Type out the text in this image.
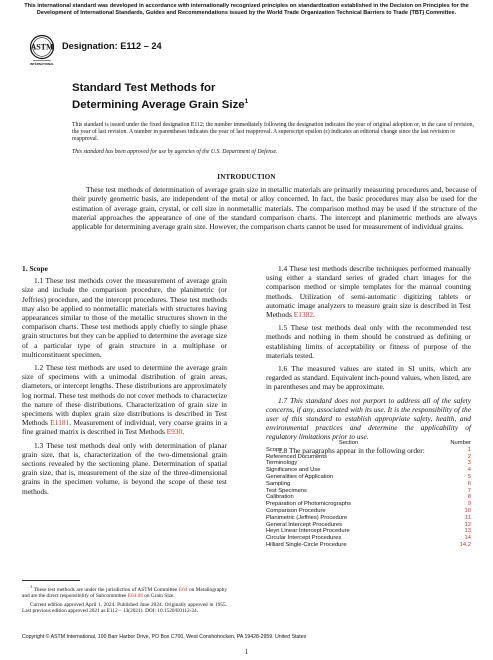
This international standard was developed in accordance with internationally recognized principles on standardization established in the Decision on Principles for the Development of International Standards, Guides and Recommendations issued by the World Trade Organization Technical Barriers to Trade (TBT) Committee.
ASTM
INTERNATIONAL
Designation: E112 – 24
Standard Test Methods for
Determining Average Grain Size$^1$
This standard is issued under the fixed designation E112; the number immediately following the designation indicates the year of original adoption or, in the case of revision, the year of last revision. A number in parentheses indicates the year of last reapproval. A superscript epsilon (ε) indicates an editorial change since the last revision or reapproval.
This standard has been approved for use by agencies of the U.S. Department of Defense.
INTRODUCTION
These test methods of determination of average grain size in metallic materials are primarily measuring procedures and, because of their purely geometric basis, are independent of the metal or alloy concerned. In fact, the basic procedures may also be used for the estimation of average grain, crystal, or cell size in nonmetallic materials. The comparison method may be used if the structure of the material approaches the appearance of one of the standard comparison charts. The intercept and planimetric methods are always applicable for determining average grain size. However, the comparison charts cannot be used for measurement of individual grains.

1. Scope

1.1 These test methods cover the measurement of average grain size and include the comparison procedure, the planimetric (or Jeffries) procedure, and the intercept procedures. These test methods may also be applied to nonmetallic materials with structures having appearances similar to those of the metallic structures shown in the comparison charts. These test methods apply chiefly to single phase grain structures but they can be applied to determine the average size of a particular type of grain structure in a multiphase or multiconstituent specimen.

1.2 These test methods are used to determine the average grain size of specimens with a unimodal distribution of grain areas, diameters, or intercept lengths. These distributions are approximately log normal. These test methods do not cover methods to characterize the nature of these distributions. Characterization of grain size in specimens with duplex grain size distributions is described in Test Methods E1181. Measurement of individual, very coarse grains in a fine grained matrix is described in Test Methods E930.

1.3 These test methods deal only with determination of planar grain size, that is, characterization of the two-dimensional grain sections revealed by the sectioning plane. Determination of spatial grain size, that is, measurement of the size of the three-dimensional grains in the specimen volume, is beyond the scope of these test methods.

$^1$ These test methods are under the jurisdiction of ASTM Committee E04 on Metallography and are the direct responsibility of Subcommittee E04.08 on Grain Size.

Current edition approved April 1, 2024. Published June 2024. Originally approved in 1955. Last previous edition approved 2021 as E112 – 13(2021). DOI: 10.1520/E0112-24.

1.4 These test methods describe techniques performed manually using either a standard series of graded chart images for the comparison method or simple templates for the manual counting methods. Utilization of semi-automatic digitizing tablets or automatic image analyzers to measure grain size is described in Test Methods E1382.

1.5 These test methods deal only with the recommended test methods and nothing in them should be construed as defining or establishing limits of acceptability or fitness of purpose of the materials tested.

1.6 The measured values are stated in SI units, which are regarded as standard. Equivalent inch-pound values, when listed, are in parentheses and may be approximate.

1.7 This standard does not purport to address all of the safety concerns, if any, associated with its use. It is the responsibility of the user of this standard to establish appropriate safety, health, and environmental practices and determine the applicability of regulatory limitations prior to use.

1.8 The paragraphs appear in the following order:

Section	Number
Scope	1
Referenced Documents	2
Terminology	3
Significance and Use	4
Generalities of Application	5
Sampling	6
Test Specimens	7
Calibration	8
Preparation of Photomicrographs	9
Comparison Procedure	10
Planimetric (Jeffries) Procedure	11
General Intercept Procedures	12
Heyn Linear Intercept Procedure	13
Circular Intercept Procedures	14
Hilliard Single-Circle Procedure	14.2
Copyright © ASTM International, 100 Barr Harbor Drive, PO Box C700, West Conshohocken, PA 19428-2959. United States
1
